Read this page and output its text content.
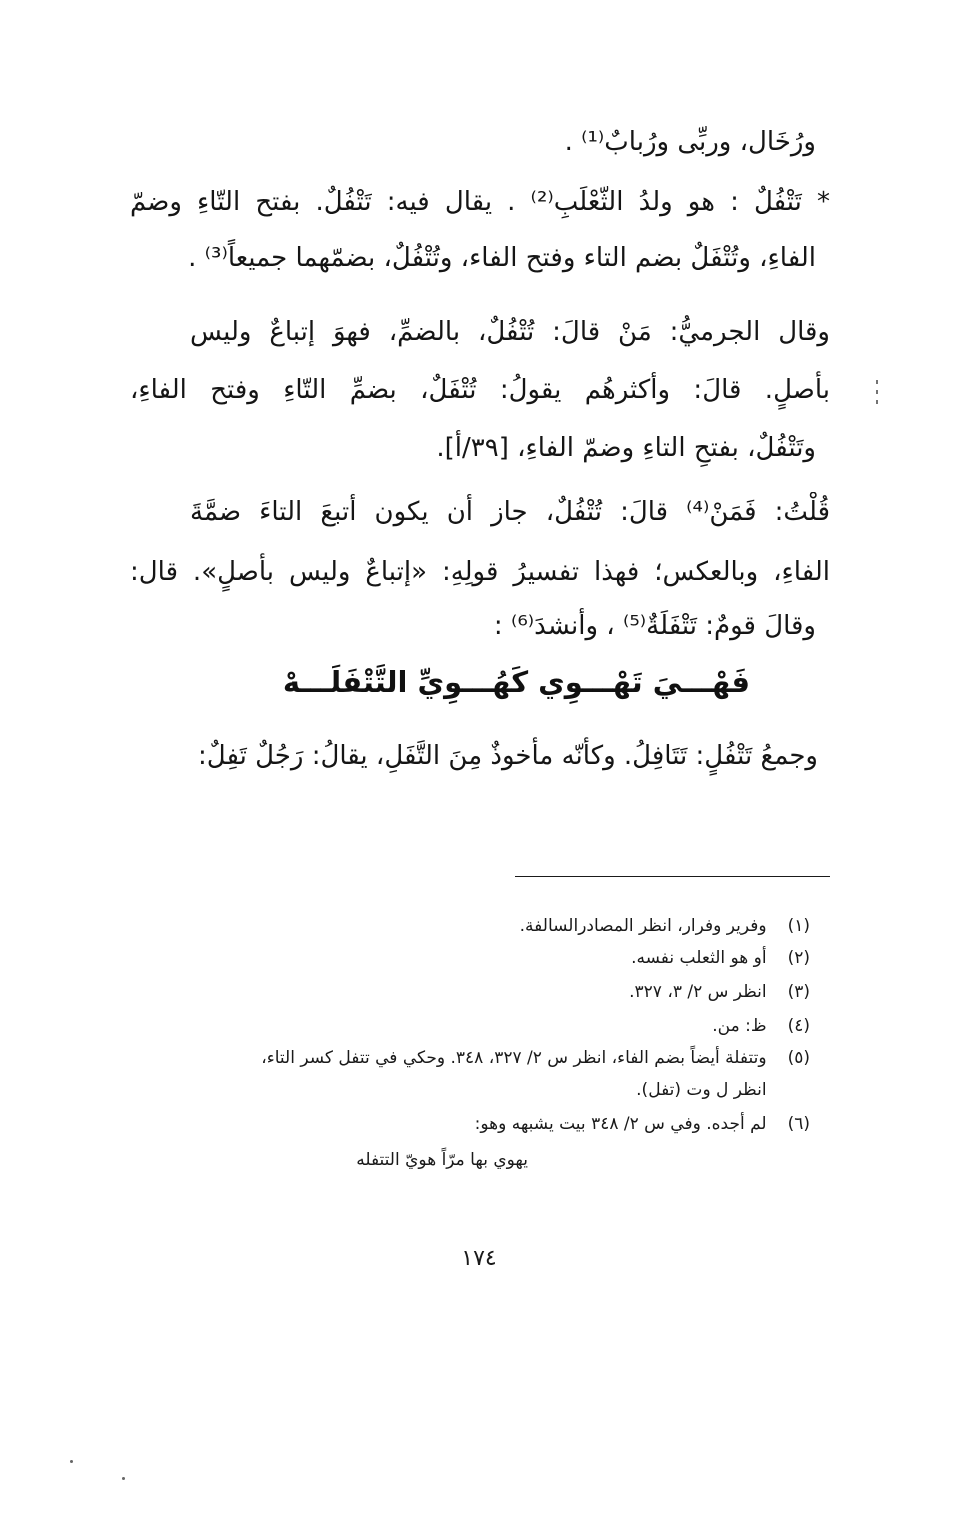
ورُخَال، وربِّى ورُبابٌ⁽¹⁾ .
* تَتْفُلٌ : هو ولدُ الثّعْلَبِ⁽²⁾ . يقال فيه: تَتْفُلٌ. بفتح التّاءِ وضمّ
الفاءِ، وتُتْفَلٌ بضم التاء وفتح الفاء، وتُتْفُلٌ، بضمّهما جميعاً⁽³⁾ .
وقال الجرميُّ: مَنْ قالَ: تُتْفُلٌ، بالضمِّ، فهوَ إتباعٌ وليس
بأصلٍ. قالَ: وأكثرهُم يقولُ: تُتْفَلٌ، بضمِّ التّاءِ وفتح الفاءِ،
وتَتْفُلٌ، بفتحِ التاءِ وضمّ الفاءِ، [٣٩/أ].
قُلْتُ: فَمَنْ⁽⁴⁾ قالَ: تُتْفُلٌ، جاز أن يكون أتبعَ التاءَ ضمَّةَ
الفاءِ، وبالعكس؛ فهذا تفسيرُ قولِهِ: «إتباعٌ وليس بأصلٍ». قال:
وقالَ قومٌ: تَتْفَلَةٌ⁽⁵⁾ ، وأنشدَ⁽⁶⁾ :
فَهْـــيَ تَهْـــوِي كَهُـــوِيِّ التَّتْفَلَـــهْ
وجمعُ تَتْفُلٍ: تَتَافِلُ. وكأنّه مأخوذٌ مِنَ التَّفَلِ، يقالُ: رَجُلٌ تَفِلٌ:
(١) وفرير وفرار، انظر المصادرالسالفة.
(٢) أو هو الثعلب نفسه.
(٣) انظر س ٢/ ٣، ٣٢٧.
(٤) ظ: من.
(٥) وتتفلة أيضاً بضم الفاء، انظر س ٢/ ٣٢٧، ٣٤٨. وحكي في تتفل كسر التاء،
انظر ل وت (تفل).
(٦) لم أجده. وفي س ٢/ ٣٤٨ بيت يشبهه وهو:
يهوي بها مرّاً هويّ التتفله
١٧٤
